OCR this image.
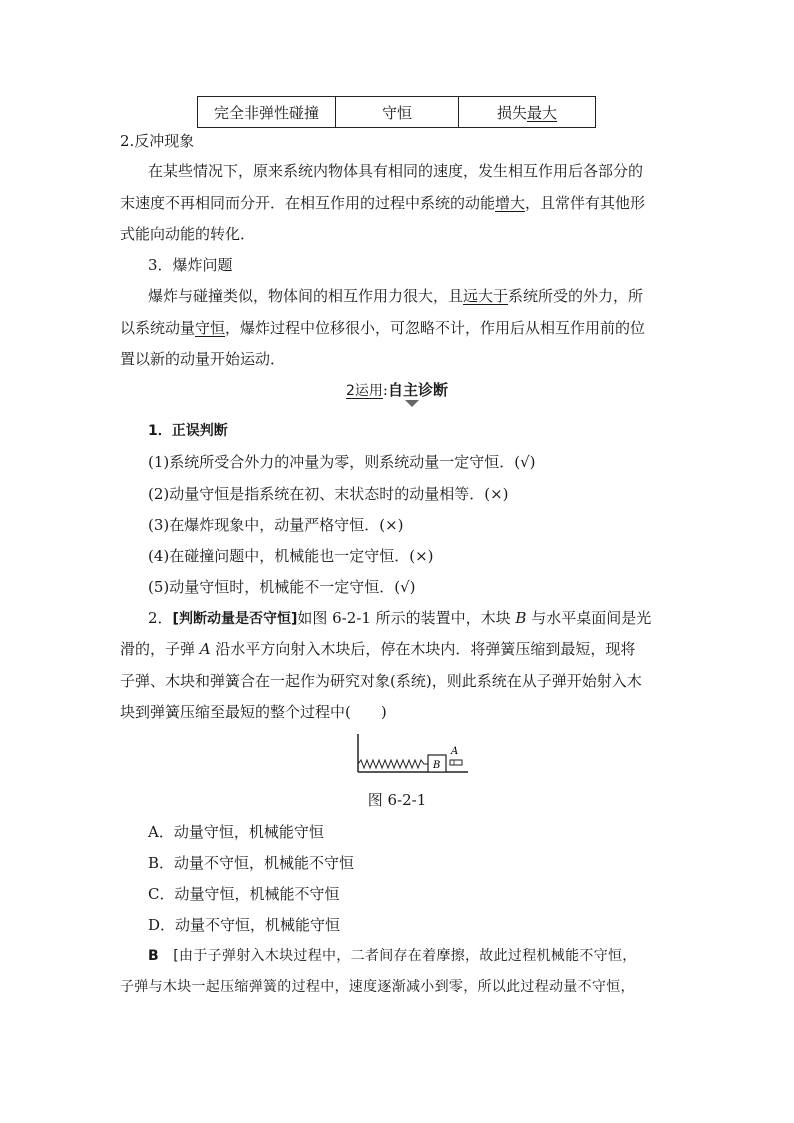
完全非弹性碰撞	守恒	损失最大
2.反冲现象
在某些情况下，原来系统内物体具有相同的速度，发生相互作用后各部分的
末速度不再相同而分开．在相互作用的过程中系统的动能增大，且常伴有其他形
式能向动能的转化．
3．爆炸问题
爆炸与碰撞类似，物体间的相互作用力很大，且远大于系统所受的外力，所
以系统动量守恒，爆炸过程中位移很小，可忽略不计，作用后从相互作用前的位
置以新的动量开始运动．
2运用:自主诊断
1．正误判断
(1)系统所受合外力的冲量为零，则系统动量一定守恒．(√)
(2)动量守恒是指系统在初、末状态时的动量相等．(×)
(3)在爆炸现象中，动量严格守恒．(×)
(4)在碰撞问题中，机械能也一定守恒．(×)
(5)动量守恒时，机械能不一定守恒．(√)
2．[判断动量是否守恒]如图 6-2-1 所示的装置中，木块 B 与水平桌面间是光
滑的，子弹 A 沿水平方向射入木块后，停在木块内．将弹簧压缩到最短，现将
子弹、木块和弹簧合在一起作为研究对象(系统)，则此系统在从子弹开始射入木
块到弹簧压缩至最短的整个过程中(　　)
B
A
图 6-2-1
A．动量守恒，机械能守恒
B．动量不守恒，机械能不守恒
C．动量守恒，机械能不守恒
D．动量不守恒，机械能守恒
B [由于子弹射入木块过程中，二者间存在着摩擦，故此过程机械能不守恒，
子弹与木块一起压缩弹簧的过程中，速度逐渐减小到零，所以此过程动量不守恒，
